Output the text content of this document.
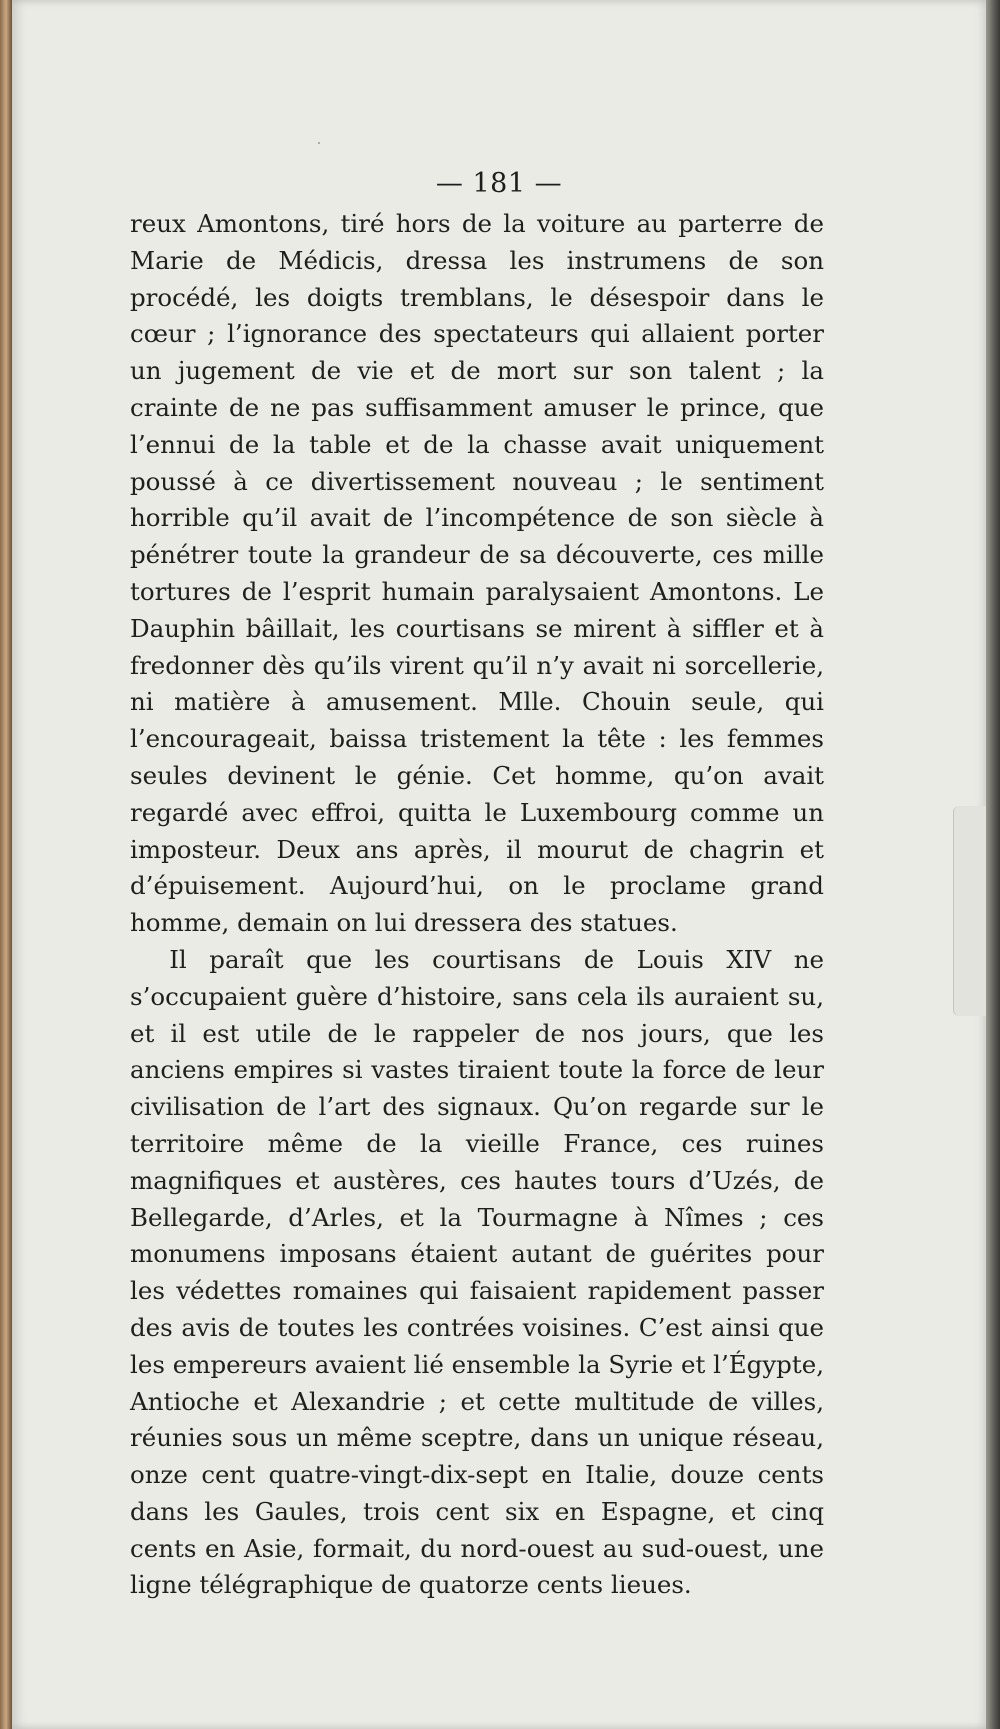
— 181 —

reux Amontons, tiré hors de la voiture au parterre de Marie de Médicis, dressa les instrumens de son procédé, les doigts tremblans, le désespoir dans le cœur ; l’ignorance des spectateurs qui allaient porter un jugement de vie et de mort sur son talent ; la crainte de ne pas suffisamment amuser le prince, que l’ennui de la table et de la chasse avait uniquement poussé à ce divertissement nouveau ; le sentiment horrible qu’il avait de l’incompétence de son siècle à pénétrer toute la grandeur de sa découverte, ces mille tortures de l’esprit humain paralysaient Amontons. Le Dauphin bâillait, les courtisans se mirent à siffler et à fredonner dès qu’ils virent qu’il n’y avait ni sorcellerie, ni matière à amusement. Mlle. Chouin seule, qui l’encourageait, baissa tristement la tête : les femmes seules devinent le génie. Cet homme, qu’on avait regardé avec effroi, quitta le Luxembourg comme un imposteur. Deux ans après, il mourut de chagrin et d’épuisement. Aujourd’hui, on le proclame grand homme, demain on lui dressera des statues.

Il paraît que les courtisans de Louis XIV ne s’occupaient guère d’histoire, sans cela ils auraient su, et il est utile de le rappeler de nos jours, que les anciens empires si vastes tiraient toute la force de leur civilisation de l’art des signaux. Qu’on regarde sur le territoire même de la vieille France, ces ruines magnifiques et austères, ces hautes tours d’Uzés, de Bellegarde, d’Arles, et la Tourmagne à Nîmes ; ces monumens imposans étaient autant de guérites pour les védettes romaines qui faisaient rapidement passer des avis de toutes les contrées voisines. C’est ainsi que les empereurs avaient lié ensemble la Syrie et l’Égypte, Antioche et Alexandrie ; et cette multitude de villes, réunies sous un même sceptre, dans un unique réseau, onze cent quatre-vingt-dix-sept en Italie, douze cents dans les Gaules, trois cent six en Espagne, et cinq cents en Asie, formait, du nord-ouest au sud-ouest, une ligne télégraphique de quatorze cents lieues.
